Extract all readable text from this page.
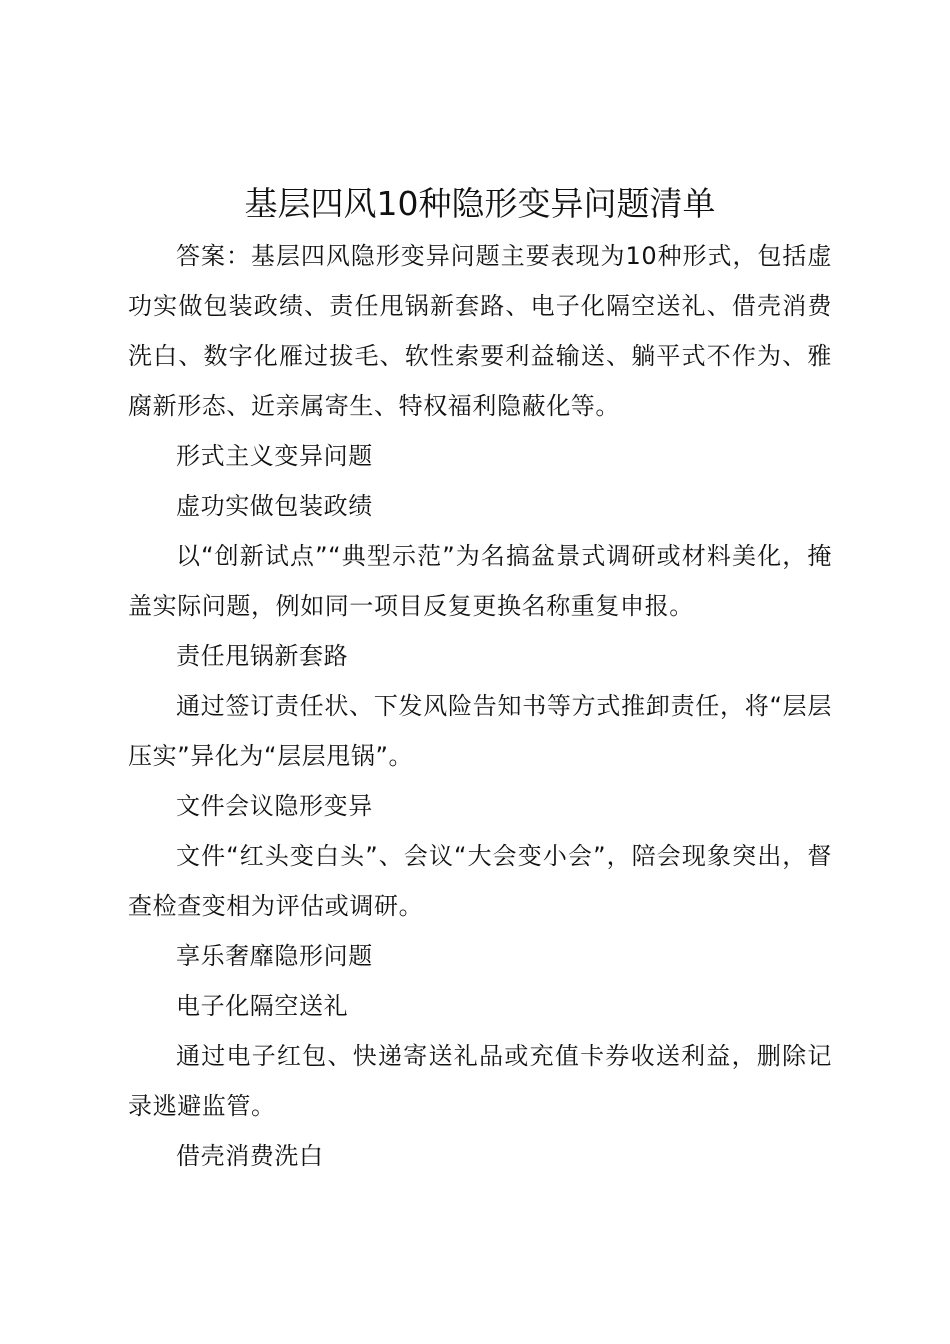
基层四风10种隐形变异问题清单

答案：基层四风隐形变异问题主要表现为10种形式，包括虚功实做包装政绩、责任甩锅新套路、电子化隔空送礼、借壳消费洗白、数字化雁过拔毛、软性索要利益输送、躺平式不作为、雅腐新形态、近亲属寄生、特权福利隐蔽化等。

形式主义变异问题

虚功实做包装政绩

以“创新试点”“典型示范”为名搞盆景式调研或材料美化，掩盖实际问题，例如同一项目反复更换名称重复申报。

责任甩锅新套路

通过签订责任状、下发风险告知书等方式推卸责任，将“层层压实”异化为“层层甩锅”。

文件会议隐形变异

文件“红头变白头”、会议“大会变小会”，陪会现象突出，督查检查变相为评估或调研。

享乐奢靡隐形问题

电子化隔空送礼

通过电子红包、快递寄送礼品或充值卡券收送利益，删除记录逃避监管。

借壳消费洗白
